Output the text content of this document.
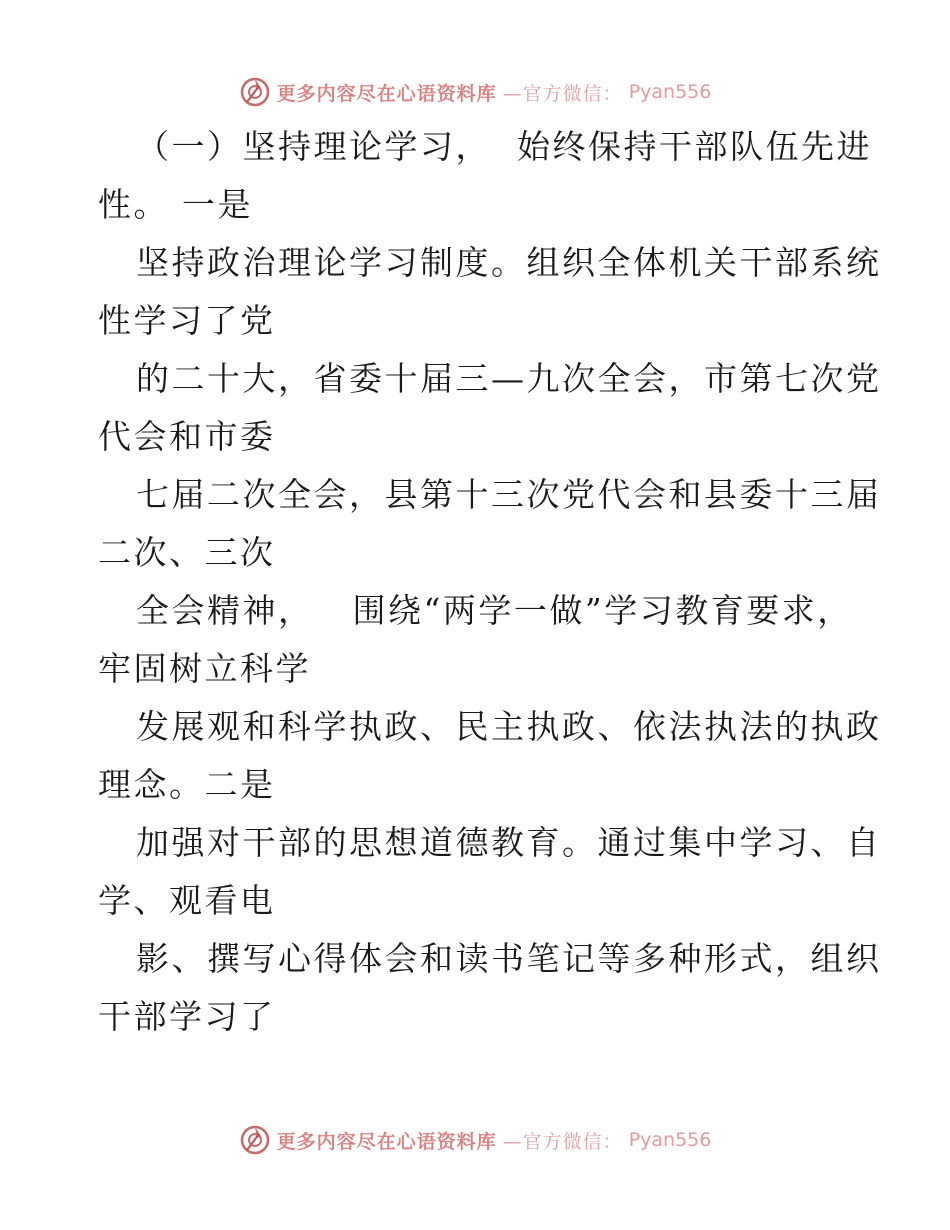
更多内容尽在心语资料库 —官方微信： Pyan556
（一）坚持理论学习，  始终保持干部队伍先进
性。 一是
坚持政治理论学习制度。组织全体机关干部系统
性学习了党
的二十大，省委十届三—九次全会，市第七次党
代会和市委
七届二次全会，县第十三次党代会和县委十三届
二次、三次
全会精神，   围绕“两学一做”学习教育要求，
牢固树立科学
发展观和科学执政、民主执政、依法执法的执政
理念。二是
加强对干部的思想道德教育。通过集中学习、自
学、观看电
影、撰写心得体会和读书笔记等多种形式，组织
干部学习了
更多内容尽在心语资料库 —官方微信： Pyan556
